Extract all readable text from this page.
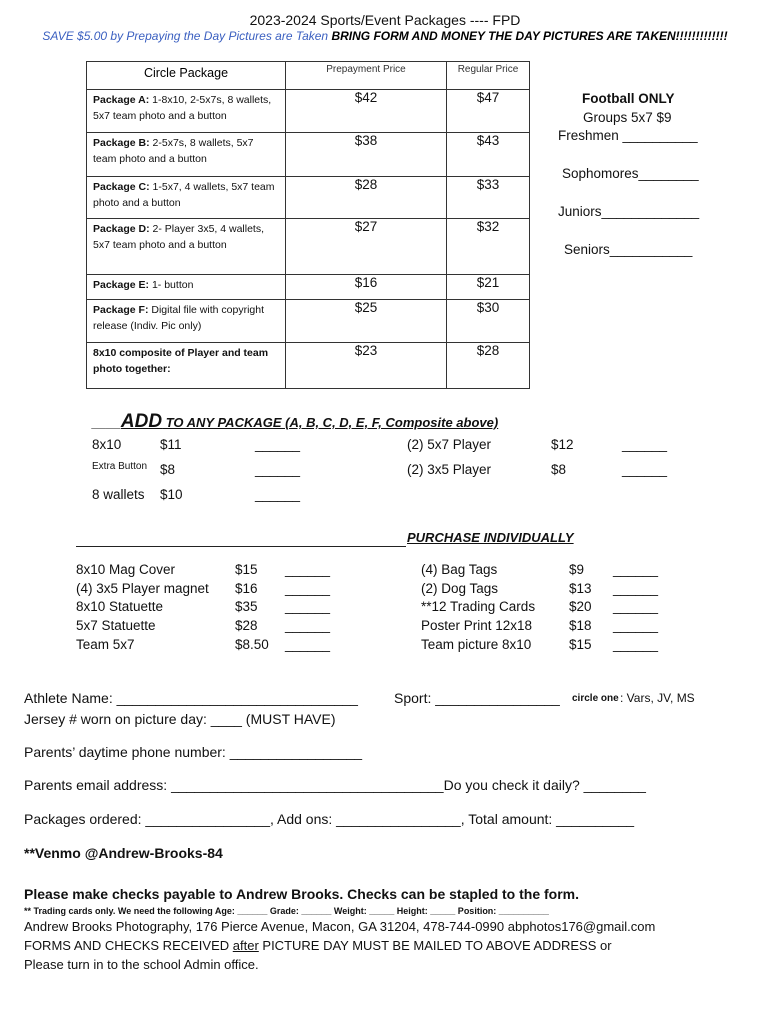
2023-2024 Sports/Event Packages ---- FPD
SAVE $5.00 by Prepaying the Day Pictures are Taken BRING FORM AND MONEY THE DAY PICTURES ARE TAKEN!!!!!!!!!!!!!
Circle Package	Prepayment Price	Regular Price

Package A: 1-8x10, 2-5x7s, 8 wallets, 5x7 team photo and a button	$42	$47

Package B: 2-5x7s, 8 wallets, 5x7 team photo and a button	$38	$43

Package C: 1-5x7, 4 wallets, 5x7 team photo and a button	$28	$33

Package D: 2- Player 3x5, 4 wallets, 5x7 team photo and a button	$27	$32

Package E: 1- button	$16	$21

Package F: Digital file with copyright release (Indiv. Pic only)	$25	$30

8x10 composite of Player and team photo together:	$23	$28
Football ONLY
Groups 5x7 $9
Freshmen __________
Sophomores________
Juniors_____________
Seniors___________
____ADD TO ANY PACKAGE (A, B, C, D, E, F, Composite above)
8x10	$11	______
Extra Button $8	______
8 wallets $10	______
(2) 5x7 Player	$12	______
(2) 3x5 Player	$8	______
PURCHASE INDIVIDUALLY
8x10 Mag Cover	$15 ______
(4) 3x5 Player magnet $16 ______
8x10 Statuette	$35 ______
5x7 Statuette	$28 ______
Team 5x7	$8.50 ______
(4) Bag Tags	$9 ______
(2) Dog Tags	$13 ______
**12 Trading Cards	$20 ______
Poster Print 12x18	$18 ______
Team picture 8x10	$15 ______
Athlete Name: _______________________________	Sport: ________________ circle one : Vars, JV, MS
Jersey # worn on picture day: ____ (MUST HAVE)
Parents’ daytime phone number: _________________
Parents email address: ___________________________________Do you check it daily? ________
Packages ordered: ________________, Add ons: ________________, Total amount: __________
**Venmo @Andrew-Brooks-84
Please make checks payable to Andrew Brooks. Checks can be stapled to the form.
** Trading cards only. We need the following Age: ______ Grade: ______ Weight: _____ Height: _____ Position: __________
Andrew Brooks Photography, 176 Pierce Avenue, Macon, GA 31204, 478-744-0990 abphotos176@gmail.com
FORMS AND CHECKS RECEIVED after PICTURE DAY MUST BE MAILED TO ABOVE ADDRESS or
Please turn in to the school Admin office.
